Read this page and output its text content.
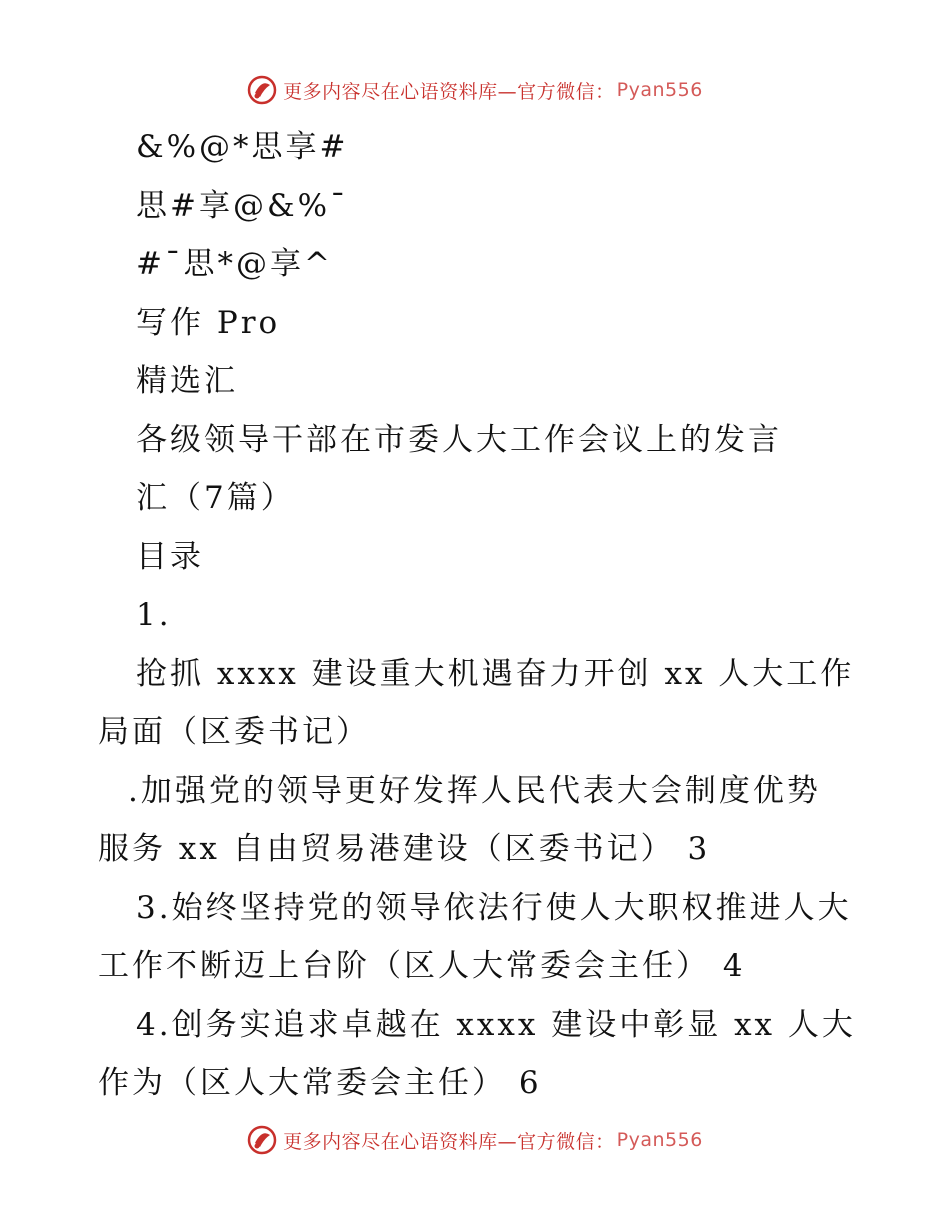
更多内容尽在心语资料库—官方微信： Pyan556
&%@*思享#
思#享@&%¯
#¯思*@享^
写作 Pro
精选汇
各级领导干部在市委人大工作会议上的发言
汇（7篇）
目录
1.
抢抓 xxxx 建设重大机遇奋力开创 xx 人大工作
局面（区委书记）
.加强党的领导更好发挥人民代表大会制度优势
服务 xx 自由贸易港建设（区委书记） 3
3.始终坚持党的领导依法行使人大职权推进人大
工作不断迈上台阶（区人大常委会主任） 4
4.创务实追求卓越在 xxxx 建设中彰显 xx 人大
作为（区人大常委会主任） 6
更多内容尽在心语资料库—官方微信： Pyan556
